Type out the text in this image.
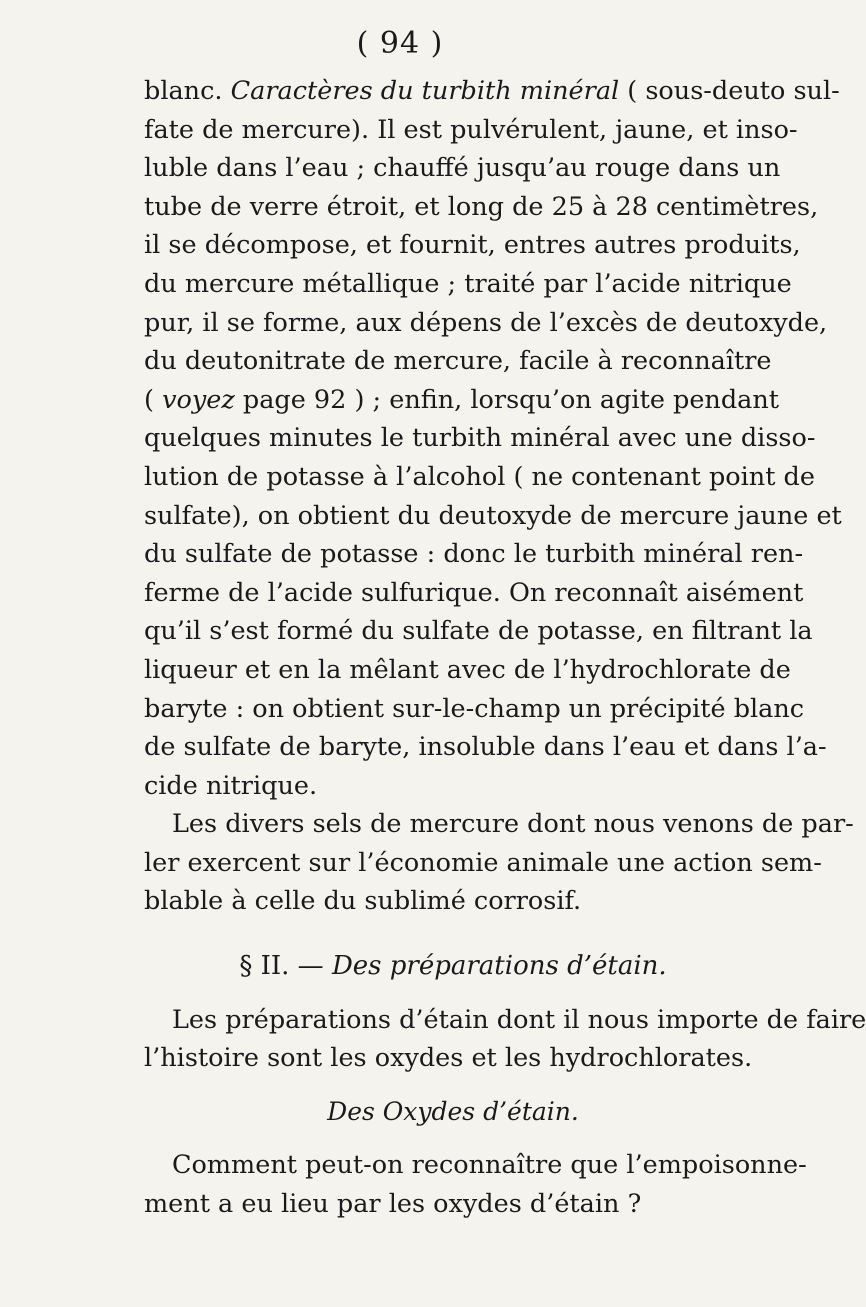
( 94 )
blanc. Caractères du turbith minéral ( sous-deuto sul-
fate de mercure). Il est pulvérulent, jaune, et inso-
luble dans l’eau ; chauffé jusqu’au rouge dans un
tube de verre étroit, et long de 25 à 28 centimètres,
il se décompose, et fournit, entres autres produits,
du mercure métallique ; traité par l’acide nitrique
pur, il se forme, aux dépens de l’excès de deutoxyde,
du deutonitrate de mercure, facile à reconnaître
( voyez page 92 ) ; enfin, lorsqu’on agite pendant
quelques minutes le turbith minéral avec une disso-
lution de potasse à l’alcohol ( ne contenant point de
sulfate), on obtient du deutoxyde de mercure jaune et
du sulfate de potasse : donc le turbith minéral ren-
ferme de l’acide sulfurique. On reconnaît aisément
qu’il s’est formé du sulfate de potasse, en filtrant la
liqueur et en la mêlant avec de l’hydrochlorate de
baryte : on obtient sur-le-champ un précipité blanc
de sulfate de baryte, insoluble dans l’eau et dans l’a-
cide nitrique.
Les divers sels de mercure dont nous venons de par-
ler exercent sur l’économie animale une action sem-
blable à celle du sublimé corrosif.
§ II. — Des préparations d’étain.
Les préparations d’étain dont il nous importe de faire
l’histoire sont les oxydes et les hydrochlorates.
Des Oxydes d’étain.
Comment peut-on reconnaître que l’empoisonne-
ment a eu lieu par les oxydes d’étain ?
